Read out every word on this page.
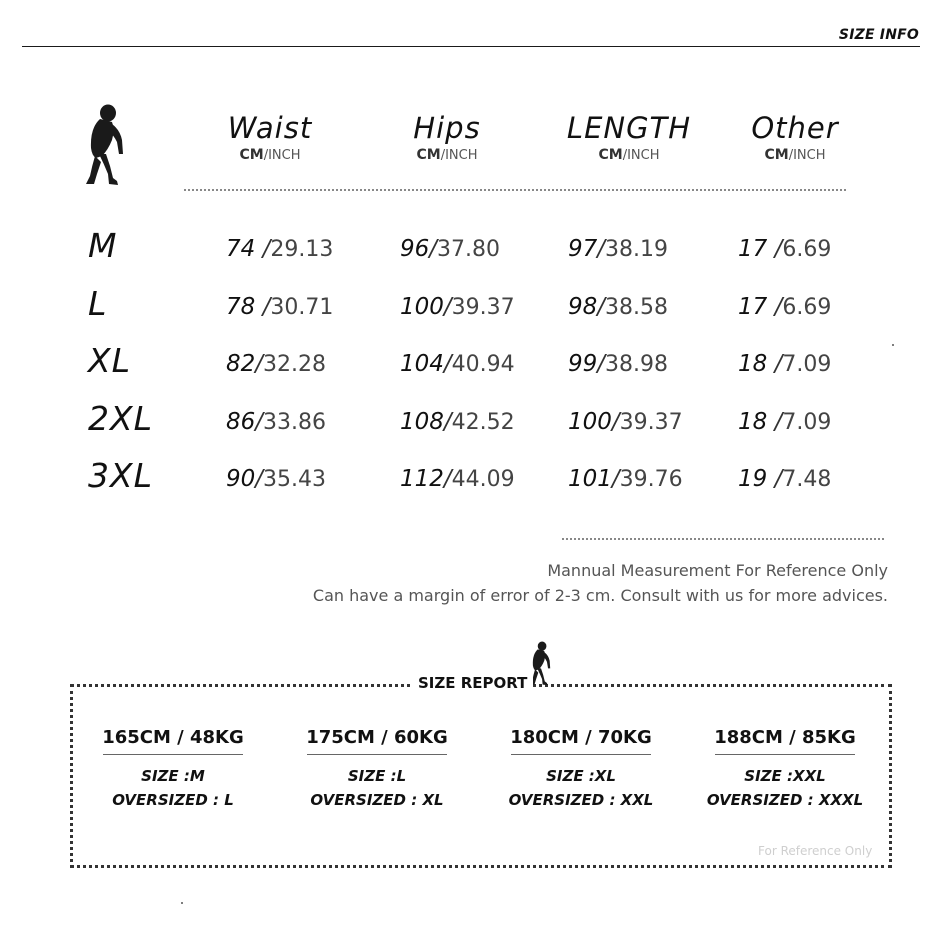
SIZE INFO
Waist
CM/INCH
Hips
CM/INCH
LENGTH
CM/INCH
Other
CM/INCH
M	74 /29.13	96/37.80	97/38.19	17 /6.69
L	78 /30.71	100/39.37 98/38.58	17 /6.69
XL	82/32.28	104/40.94 99/38.98	18 /7.09
2XL	86/33.86	108/42.52 100/39.37 18 /7.09
3XL	90/35.43	112/44.09 101/39.76 19 /7.48
Mannual Measurement For Reference Only
Can have a margin of error of 2-3 cm. Consult with us for more advices.
SIZE REPORT
165CM / 48KG
SIZE :M
OVERSIZED : L
175CM / 60KG
SIZE :L
OVERSIZED : XL
180CM / 70KG
SIZE :XL
OVERSIZED : XXL
188CM / 85KG
SIZE :XXL
OVERSIZED : XXXL
For Reference Only
